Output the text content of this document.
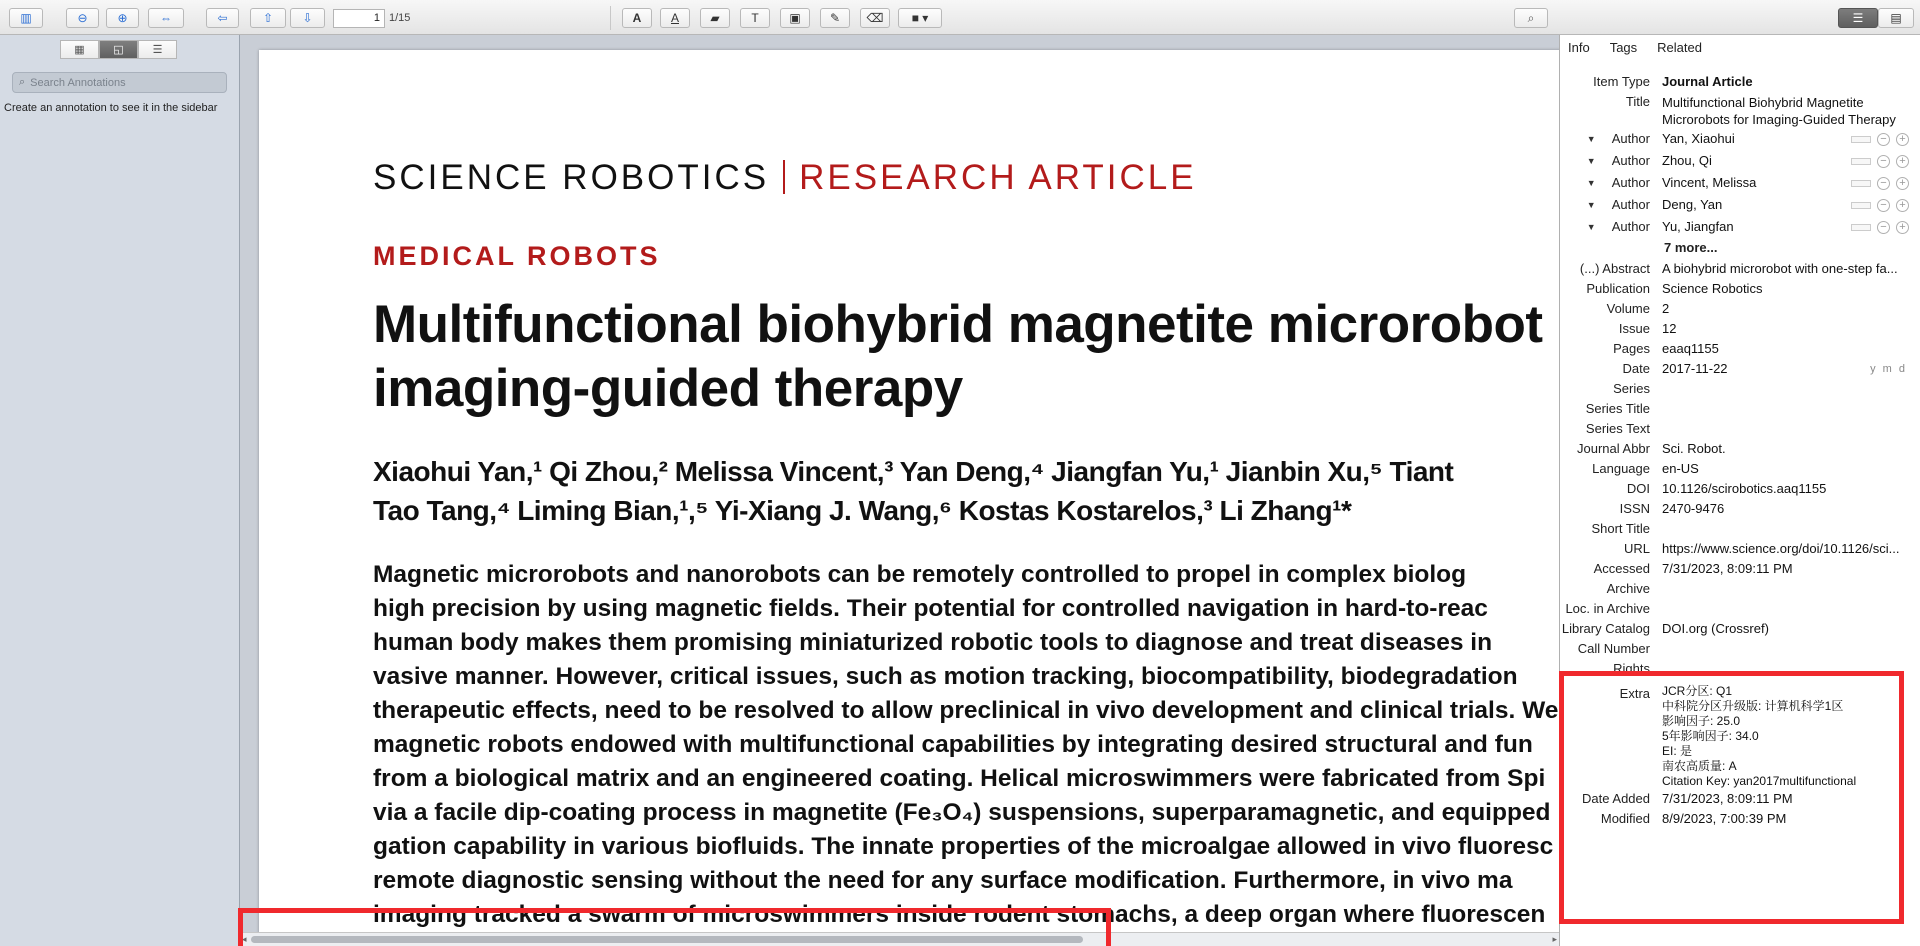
▥	⊖	⊕	⇔	⇦	⇧	⇩	1 1/15	A	A	▰	T	▣	✎	⌫	■ ▾	⌕	☰	▤
▦	◱	☰
⌕ Search Annotations
Create an annotation to see it in the sidebar
SCIENCE ROBOTICS RESEARCH ARTICLE
MEDICAL ROBOTS
Multifunctional biohybrid magnetite microrobot
imaging-guided therapy
Xiaohui Yan,¹ Qi Zhou,² Melissa Vincent,³ Yan Deng,⁴ Jiangfan Yu,¹ Jianbin Xu,⁵ Tiant
Tao Tang,⁴ Liming Bian,¹,⁵ Yi-Xiang J. Wang,⁶ Kostas Kostarelos,³ Li Zhang¹*
Magnetic microrobots and nanorobots can be remotely controlled to propel in complex biolog
high precision by using magnetic fields. Their potential for controlled navigation in hard-to-reac
human body makes them promising miniaturized robotic tools to diagnose and treat diseases in
vasive manner. However, critical issues, such as motion tracking, biocompatibility, biodegradation
therapeutic effects, need to be resolved to allow preclinical in vivo development and clinical trials. We
magnetic robots endowed with multifunctional capabilities by integrating desired structural and fun
from a biological matrix and an engineered coating. Helical microswimmers were fabricated from Spi
via a facile dip-coating process in magnetite (Fe₃O₄) suspensions, superparamagnetic, and equipped
gation capability in various biofluids. The innate properties of the microalgae allowed in vivo fluoresc
remote diagnostic sensing without the need for any surface modification. Furthermore, in vivo ma
imaging tracked a swarm of microswimmers inside rodent stomachs, a deep organ where fluorescen
◂	▸
Info Tags Related
Item Type Journal Article
Title Multifunctional Biohybrid Magnetite Microrobots for Imaging-Guided Therapy
▼ Author Yan, Xiaohui	− +
▼ Author Zhou, Qi	− +
▼ Author Vincent, Melissa	− +
▼ Author Deng, Yan	− +
▼ Author Yu, Jiangfan	− +
7 more...
(...) Abstract A biohybrid microrobot with one-step fa...
Publication Science Robotics
Volume 2
Issue 12
Pages eaaq1155
Date 2017-11-22	y m d
Series
Series Title
Series Text
Journal Abbr Sci. Robot.
Language en-US
DOI 10.1126/scirobotics.aaq1155
ISSN 2470-9476
Short Title
URL https://www.science.org/doi/10.1126/sci...
Accessed 7/31/2023, 8:09:11 PM
Archive
Loc. in Archive
Library Catalog DOI.org (Crossref)
Call Number
Rights
Extra	JCR分区: Q1
中科院分区升级版: 计算机科学1区
影响因子: 25.0
5年影响因子: 34.0
EI: 是
南农高质量: A
Citation Key: yan2017multifunctional
Date Added 7/31/2023, 8:09:11 PM
Modified 8/9/2023, 7:00:39 PM
